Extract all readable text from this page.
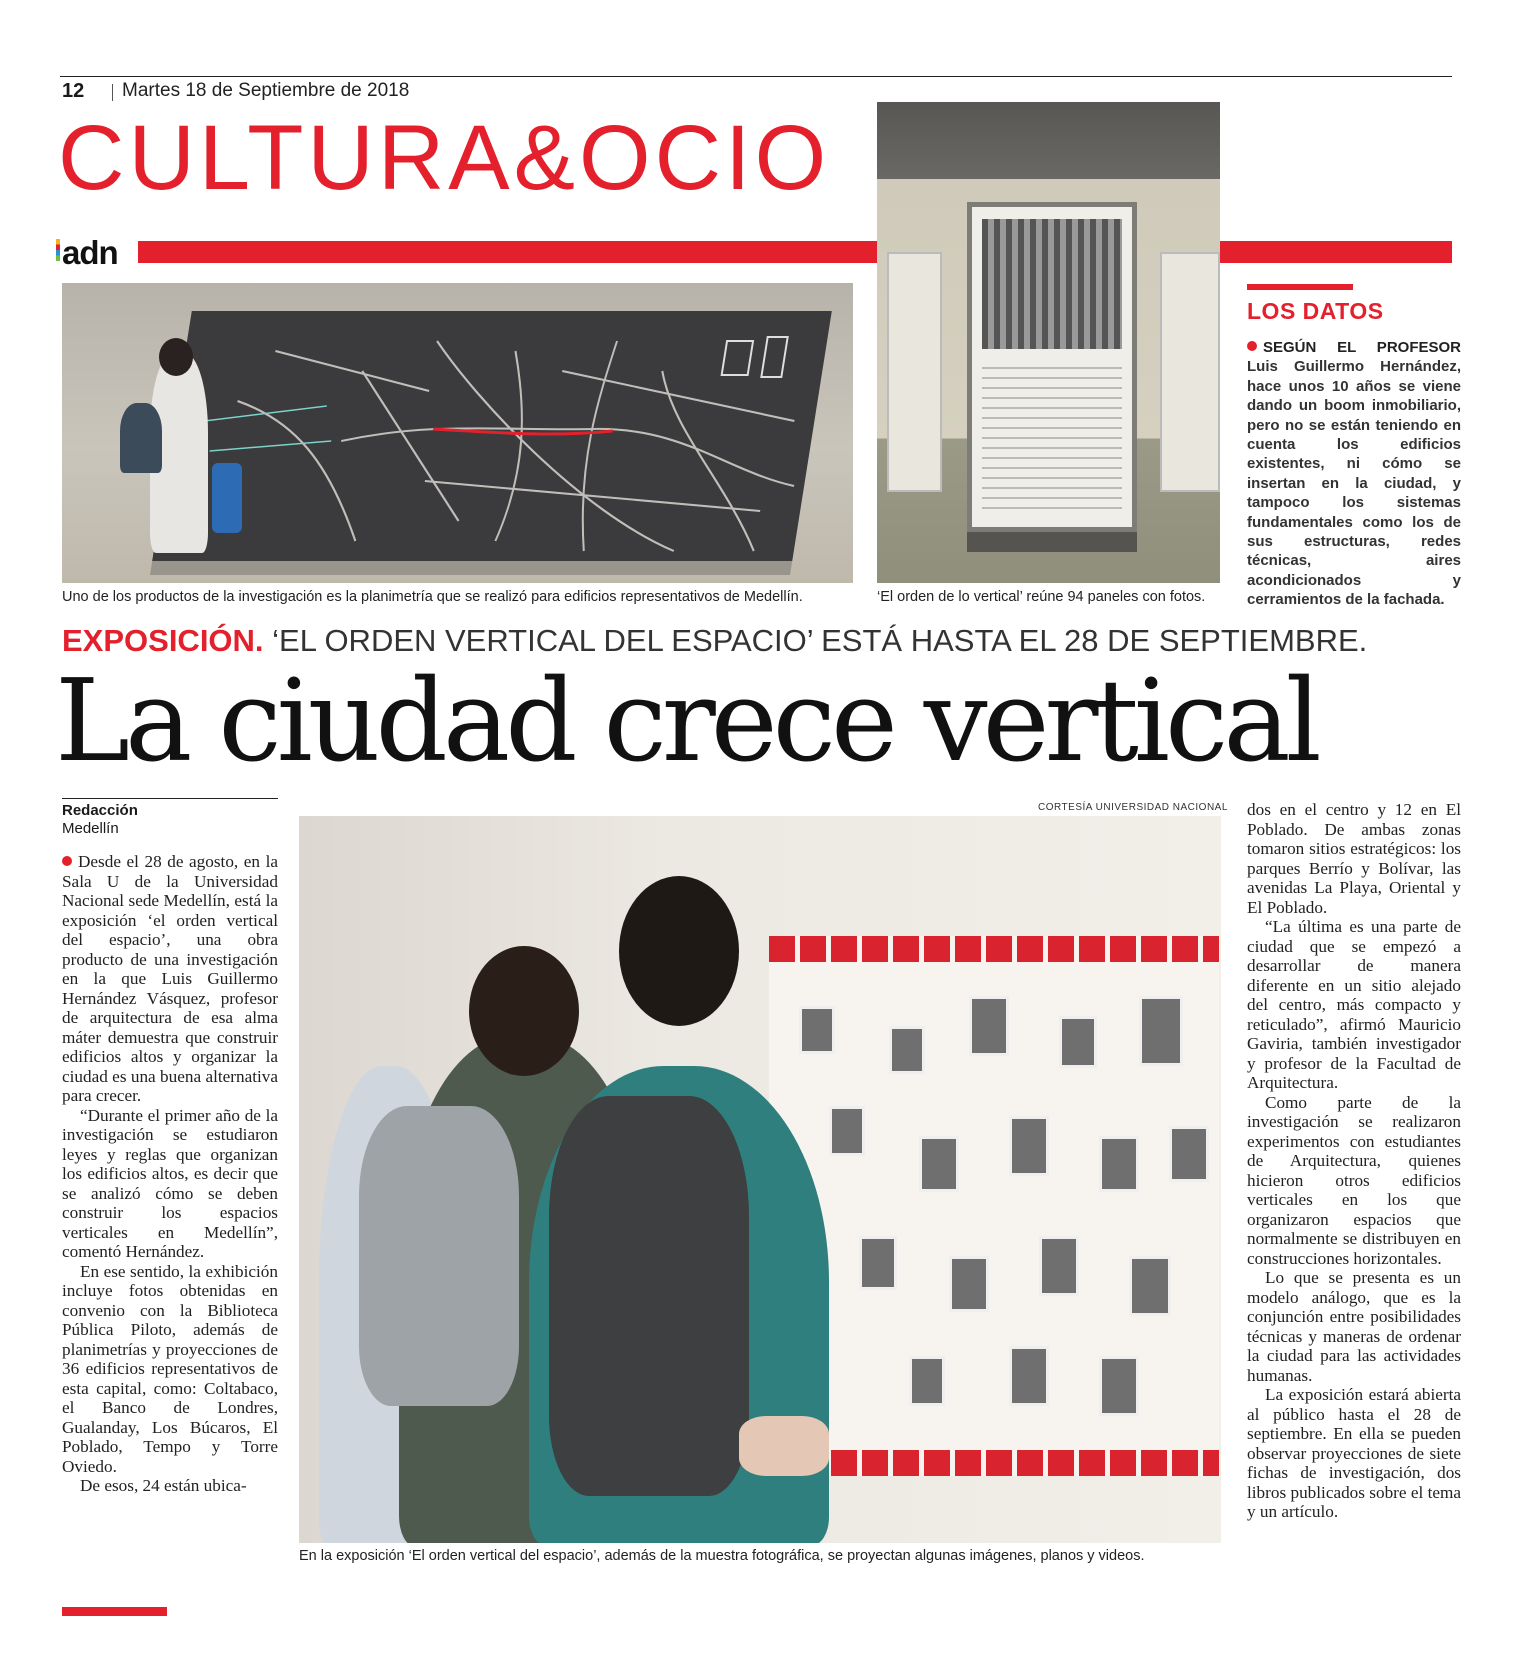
12 Martes 18 de Septiembre de 2018
CULTURA&OCIO
adn
Uno de los productos de la investigación es la planimetría que se realizó para edificios representativos de Medellín.	‘El orden de lo vertical’ reúne 94 paneles con fotos.
LOS DATOS
SEGÚN EL PROFESOR Luis Guillermo Hernández, hace unos 10 años se viene dando un boom inmobiliario, pero no se están teniendo en cuenta los edificios existentes, ni cómo se insertan en la ciudad, y tampoco los sistemas fundamentales como los de sus estructuras, redes técnicas, aires acondicionados y cerramientos de la fachada.
EXPOSICIÓN. ‘EL ORDEN VERTICAL DEL ESPACIO’ ESTÁ HASTA EL 28 DE SEPTIEMBRE.
La ciudad crece vertical
Redacción
Medellín

Desde el 28 de agosto, en la Sala U de la Universidad Nacional sede Medellín, está la exposición ‘el orden vertical del espacio’, una obra producto de una investigación en la que Luis Guillermo Hernández Vásquez, profesor de arquitectura de esa alma máter demuestra que construir edificios altos y organizar la ciudad es una buena alternativa para crecer.

“Durante el primer año de la investigación se estudiaron leyes y reglas que organizan los edificios altos, es decir que se analizó cómo se deben construir los espacios verticales en Medellín”, comentó Hernández.

En ese sentido, la exhibición incluye fotos obtenidas en convenio con la Biblioteca Pública Piloto, además de planimetrías y proyecciones de 36 edificios representativos de esta capital, como: Coltabaco, el Banco de Londres, Gualanday, Los Búcaros, El Poblado, Tempo y Torre Oviedo.

De esos, 24 están ubica-

CORTESÍA UNIVERSIDAD NACIONAL
En la exposición ‘El orden vertical del espacio’, además de la muestra fotográfica, se proyectan algunas imágenes, planos y videos.

dos en el centro y 12 en El Poblado. De ambas zonas tomaron sitios estratégicos: los parques Berrío y Bolívar, las avenidas La Playa, Oriental y El Poblado.

“La última es una parte de ciudad que se empezó a desarrollar de manera diferente en un sitio alejado del centro, más compacto y reticulado”, afirmó Mauricio Gaviria, también investigador y profesor de la Facultad de Arquitectura.

Como parte de la investigación se realizaron experimentos con estudiantes de Arquitectura, quienes hicieron otros edificios verticales en los que organizaron espacios que normalmente se distribuyen en construcciones horizontales.

Lo que se presenta es un modelo análogo, que es la conjunción entre posibilidades técnicas y maneras de ordenar la ciudad para las actividades humanas.

La exposición estará abierta al público hasta el 28 de septiembre. En ella se pueden observar proyecciones de siete fichas de investigación, dos libros publicados sobre el tema y un artículo.
